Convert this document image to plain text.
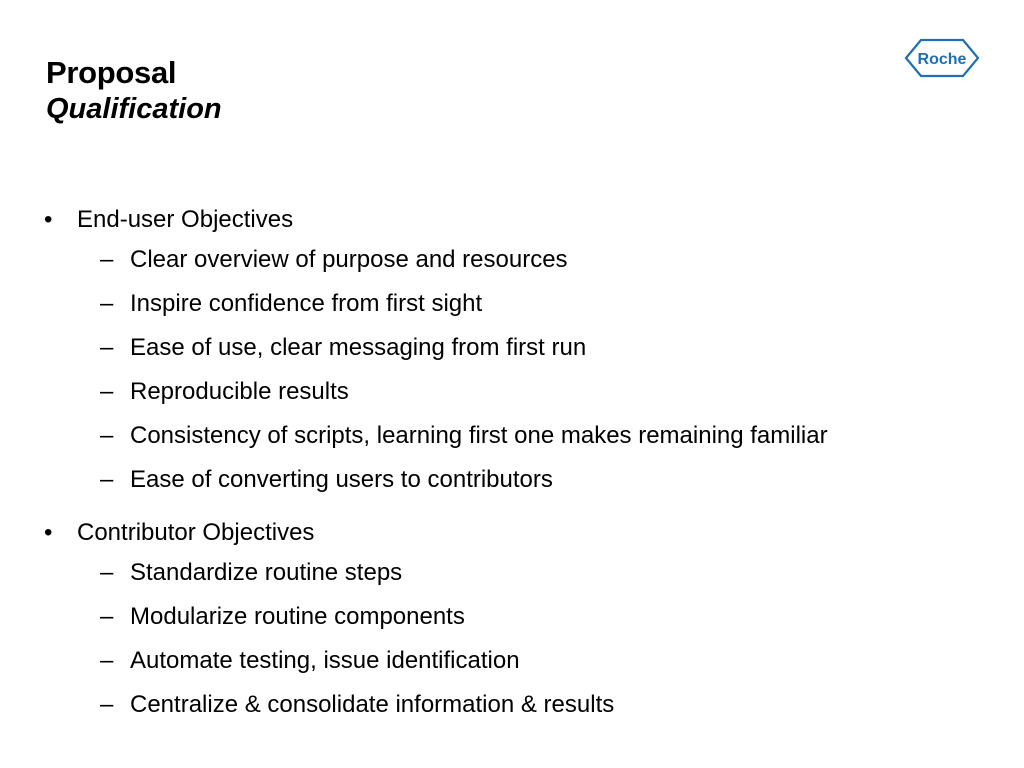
Proposal
Qualification
Roche
• End-user Objectives
– Clear overview of purpose and resources
– Inspire confidence from first sight
– Ease of use, clear messaging from first run
– Reproducible results
– Consistency of scripts, learning first one makes remaining familiar
– Ease of converting users to contributors
• Contributor Objectives
– Standardize routine steps
– Modularize routine components
– Automate testing, issue identification
– Centralize & consolidate information & results
